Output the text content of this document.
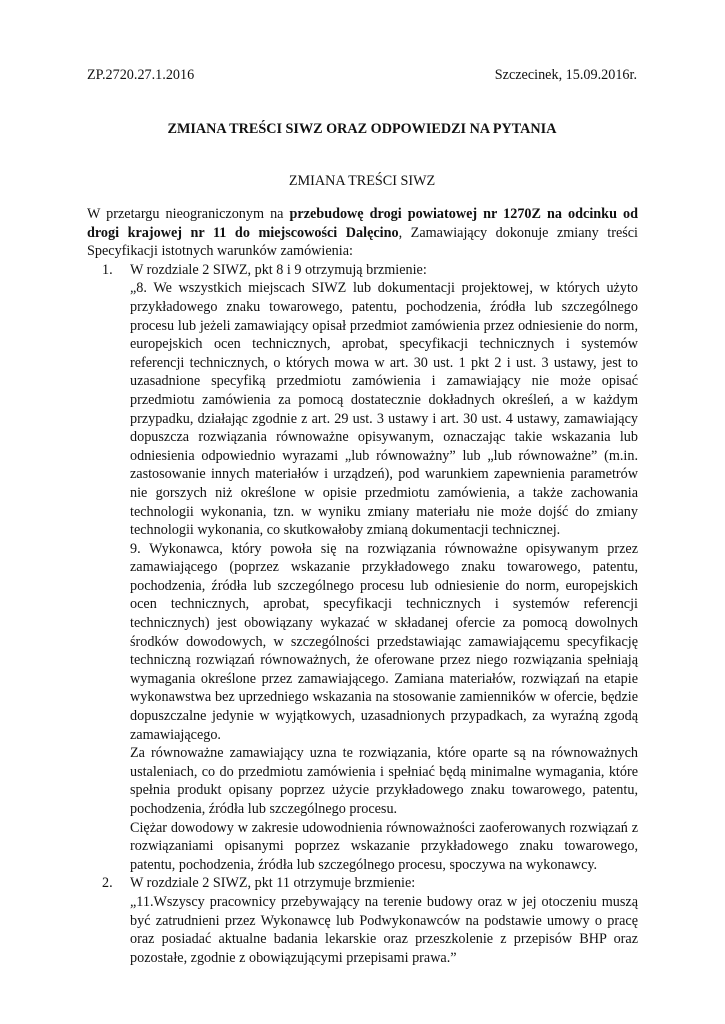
ZP.2720.27.1.2016	Szczecinek, 15.09.2016r.
ZMIANA TREŚCI SIWZ ORAZ ODPOWIEDZI NA PYTANIA
ZMIANA TREŚCI SIWZ

W przetargu nieograniczonym na przebudowę drogi powiatowej nr 1270Z na odcinku od drogi krajowej nr 11 do miejscowości Dalęcino, Zamawiający dokonuje zmiany treści Specyfikacji istotnych warunków zamówienia:

1. W rozdziale 2 SIWZ, pkt 8 i 9 otrzymują brzmienie:
„8. We wszystkich miejscach SIWZ lub dokumentacji projektowej, w których użyto przykładowego znaku towarowego, patentu, pochodzenia, źródła lub szczególnego procesu lub jeżeli zamawiający opisał przedmiot zamówienia przez odniesienie do norm, europejskich ocen technicznych, aprobat, specyfikacji technicznych i systemów referencji technicznych, o których mowa w art. 30 ust. 1 pkt 2 i ust. 3 ustawy, jest to uzasadnione specyfiką przedmiotu zamówienia i zamawiający nie może opisać przedmiotu zamówienia za pomocą dostatecznie dokładnych określeń, a w każdym przypadku, działając zgodnie z art. 29 ust. 3 ustawy i art. 30 ust. 4 ustawy, zamawiający dopuszcza rozwiązania równoważne opisywanym, oznaczając takie wskazania lub odniesienia odpowiednio wyrazami „lub równoważny” lub „lub równoważne” (m.in. zastosowanie innych materiałów i urządzeń), pod warunkiem zapewnienia parametrów nie gorszych niż określone w opisie przedmiotu zamówienia, a także zachowania technologii wykonania, tzn. w wyniku zmiany materiału nie może dojść do zmiany technologii wykonania, co skutkowałoby zmianą dokumentacji technicznej.
9. Wykonawca, który powoła się na rozwiązania równoważne opisywanym przez zamawiającego (poprzez wskazanie przykładowego znaku towarowego, patentu, pochodzenia, źródła lub szczególnego procesu lub odniesienie do norm, europejskich ocen technicznych, aprobat, specyfikacji technicznych i systemów referencji technicznych) jest obowiązany wykazać w składanej ofercie za pomocą dowolnych środków dowodowych, w szczególności przedstawiając zamawiającemu specyfikację techniczną rozwiązań równoważnych, że oferowane przez niego rozwiązania spełniają wymagania określone przez zamawiającego. Zamiana materiałów, rozwiązań na etapie wykonawstwa bez uprzedniego wskazania na stosowanie zamienników w ofercie, będzie dopuszczalne jedynie w wyjątkowych, uzasadnionych przypadkach, za wyraźną zgodą zamawiającego.
Za równoważne zamawiający uzna te rozwiązania, które oparte są na równoważnych ustaleniach, co do przedmiotu zamówienia i spełniać będą minimalne wymagania, które spełnia produkt opisany poprzez użycie przykładowego znaku towarowego, patentu, pochodzenia, źródła lub szczególnego procesu.
Ciężar dowodowy w zakresie udowodnienia równoważności zaoferowanych rozwiązań z rozwiązaniami opisanymi poprzez wskazanie przykładowego znaku towarowego, patentu, pochodzenia, źródła lub szczególnego procesu, spoczywa na wykonawcy.
2. W rozdziale 2 SIWZ, pkt 11 otrzymuje brzmienie:
„11.Wszyscy pracownicy przebywający na terenie budowy oraz w jej otoczeniu muszą być zatrudnieni przez Wykonawcę lub Podwykonawców na podstawie umowy o pracę oraz posiadać aktualne badania lekarskie oraz przeszkolenie z przepisów BHP oraz pozostałe, zgodnie z obowiązującymi przepisami prawa.”
